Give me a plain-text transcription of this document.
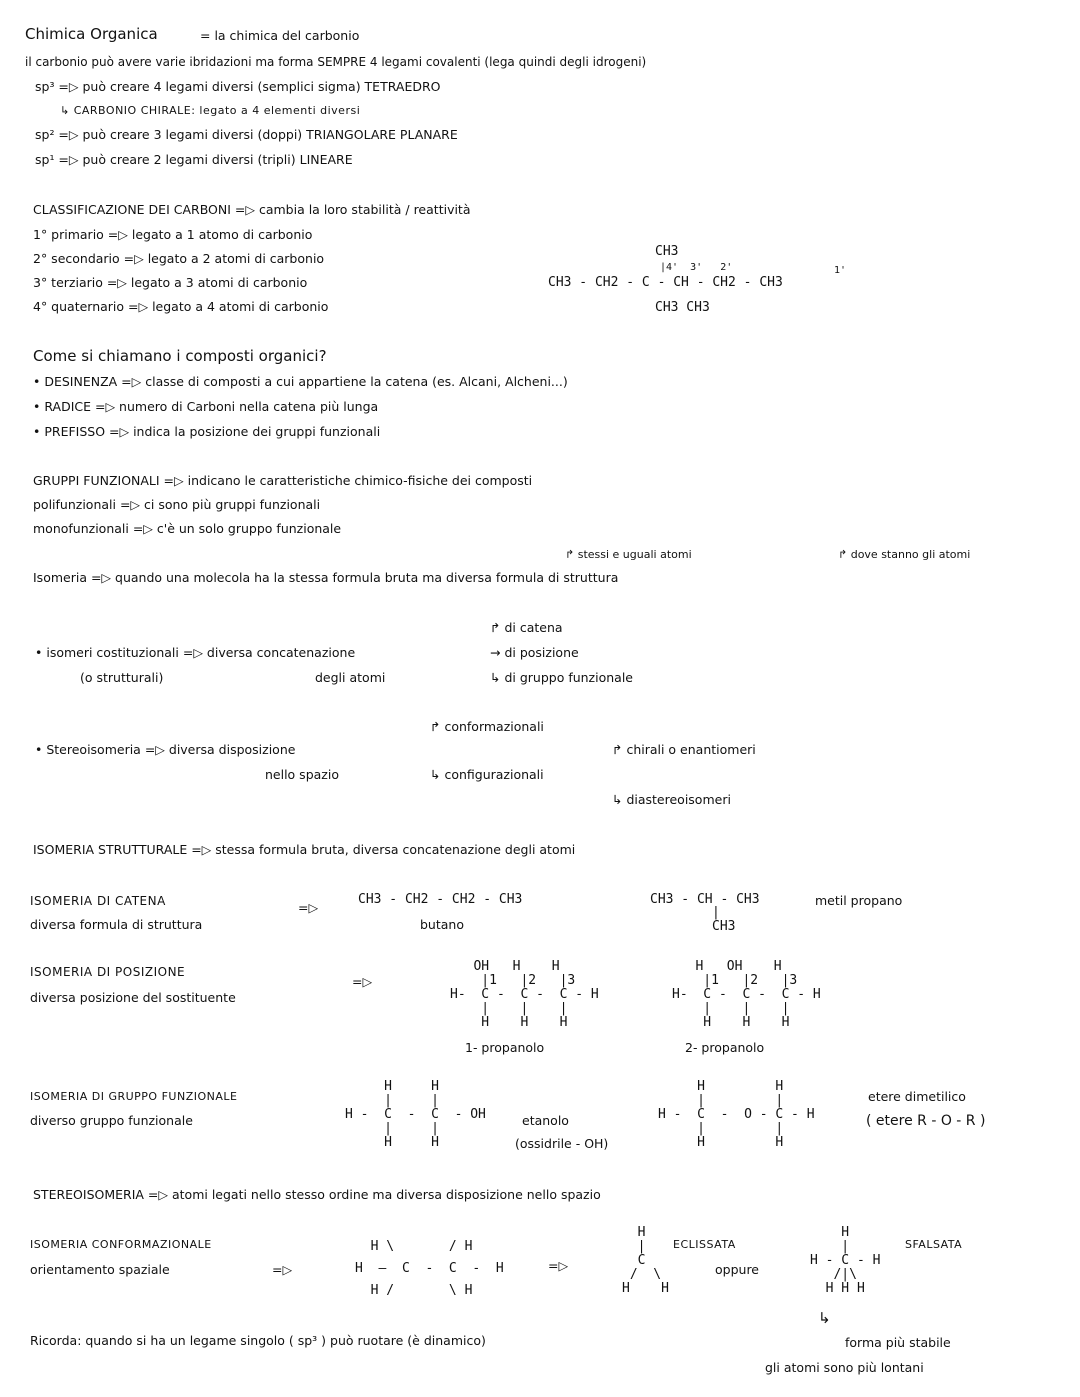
Chimica Organica	= la chimica del carbonio
il carbonio può avere varie ibridazioni ma forma SEMPRE 4 legami covalenti (lega quindi degli idrogeni)
sp³ =▷ può creare 4 legami diversi (semplici sigma) TETRAEDRO
↳ CARBONIO CHIRALE: legato a 4 elementi diversi
sp² =▷ può creare 3 legami diversi (doppi) TRIANGOLARE PLANARE
sp¹ =▷ può creare 2 legami diversi (tripli) LINEARE
CLASSIFICAZIONE DEI CARBONI =▷ cambia la loro stabilità / reattività
1° primario =▷ legato a 1 atomo di carbonio
2° secondario =▷ legato a 2 atomi di carbonio
3° terziario =▷ legato a 3 atomi di carbonio
4° quaternario =▷ legato a 4 atomi di carbonio
CH3
|4'  3'   2'
CH3 - CH2 - C - CH - CH2 - CH3
1'
CH3 CH3
Come si chiamano i composti organici?
• DESINENZA =▷ classe di composti a cui appartiene la catena (es. Alcani, Alcheni...)
• RADICE =▷ numero di Carboni nella catena più lunga
• PREFISSO =▷ indica la posizione dei gruppi funzionali
GRUPPI FUNZIONALI =▷ indicano le caratteristiche chimico-fisiche dei composti
polifunzionali =▷ ci sono più gruppi funzionali
monofunzionali =▷ c'è un solo gruppo funzionale
↱ stessi e uguali atomi	↱ dove stanno gli atomi
Isomeria =▷ quando una molecola ha la stessa formula bruta ma diversa formula di struttura
• isomeri costituzionali =▷ diversa concatenazione
(o strutturali)	degli atomi
↱ di catena
→ di posizione
↳ di gruppo funzionale
• Stereoisomeria =▷ diversa disposizione
nello spazio
↱ conformazionali
↳ configurazionali
↱ chirali o enantiomeri
↳ diastereoisomeri
ISOMERIA STRUTTURALE =▷ stessa formula bruta, diversa concatenazione degli atomi
ISOMERIA DI CATENA
diversa formula di struttura
=▷
CH3 - CH2 - CH2 - CH3
butano
CH3 - CH - CH3
|
CH3
metil propano
ISOMERIA DI POSIZIONE
diversa posizione del sostituente
=▷
OH   H    H
|1   |2   |3
H-  C -  C -  C - H
|    |    |
H    H    H
1- propanolo
H   OH    H
|1   |2   |3
H-  C -  C -  C - H
|    |    |
H    H    H
2- propanolo
ISOMERIA DI GRUPPO FUNZIONALE
diverso gruppo funzionale
H     H
|     |
H -  C  -  C  - OH
|     |
H     H
etanolo
(ossidrile - OH)
H         H
|         |
H -  C  -  O - C - H
|         |
H         H
etere dimetilico
( etere R - O - R )
STEREOISOMERIA =▷ atomi legati nello stesso ordine ma diversa disposizione nello spazio
ISOMERIA CONFORMAZIONALE
orientamento spaziale	=▷
H \       / H
H  —  C  -  C  -  H
H /       \ H
=▷
H
|
C
/  \
H    H
ECLISSATA
oppure
H
|
H - C - H
/|\
H H H
SFALSATA
Ricorda: quando si ha un legame singolo ( sp³ ) può ruotare (è dinamico)
↳
forma più stabile
gli atomi sono più lontani
